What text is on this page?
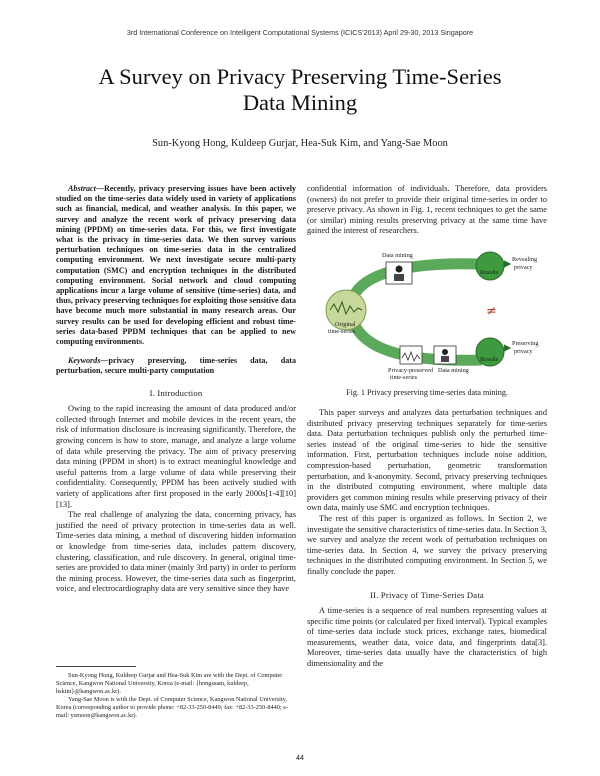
3rd International Conference on Intelligent Computational Systems (ICICS'2013) April 29-30, 2013 Singapore
A Survey on Privacy Preserving Time-Series
Data Mining
Sun-Kyong Hong, Kuldeep Gurjar, Hea-Suk Kim, and Yang-Sae Moon

Abstract—Recently, privacy preserving issues have been actively studied on the time-series data widely used in variety of applications such as financial, medical, and weather analysis. In this paper, we survey and analyze the recent work of privacy preserving data mining (PPDM) on time-series data. For this, we first investigate what is the privacy in time-series data. We then survey various perturbation techniques on time-series data in the centralized computing environment. We next investigate secure multi-party computation (SMC) and encryption techniques in the distributed computing environment. Social network and cloud computing applications incur a large volume of sensitive (time-series) data, and thus, privacy preserving techniques for exploiting those sensitive data have become much more substantial in many research areas. Our survey results can be used for developing efficient and robust time-series data-based PPDM techniques that can be applied to new computing environments.

Keywords—privacy preserving, time-series data, data perturbation, secure multi-party computation

I. Introduction

Owing to the rapid increasing the amount of data produced and/or collected through Internet and mobile devices in the recent years, the risk of information disclosure is increasing significantly. Therefore, the growing concern is how to store, manage, and analyze a large volume of data while preserving the privacy. The aim of privacy preserving data mining (PPDM in short) is to extract meaningful knowledge and useful patterns from a large volume of data while preserving their confidentiality. Consequently, PPDM has been actively studied with variety of applications after first proposed in the early 2000s[1-4][10][13].

The real challenge of analyzing the data, concerning privacy, has justified the need of privacy protection in time-series data as well. Time-series data mining, a method of discovering hidden information or knowledge from time-series data, includes pattern discovery, clustering, classification, and rule discovery. In general, original time-series are provided to data miner (mainly 3rd party) in order to perform the mining process. However, the time-series data such as fingerprint, voice, and electrocardiography data are very sensitive since they have

Sun-Kyong Hong, Kuldeep Gurjar and Hea-Suk Kim are with the Dept. of Computer Science, Kangwon National University, Korea (e-mail: {hongssam, kuldeep, hskim}@kangwon.ac.kr).

Yang-Sae Moon is with the Dept. of Computer Science, Kangwon National University, Korea (corresponding author to provide phone: +82-33-250-8449; fax: +82-33-250-8440; e-mail: ysmoon@kangwon.ac.kr).

confidential information of individuals. Therefore, data providers (owners) do not prefer to provide their original time-series in order to preserve privacy. As shown in Fig. 1, recent techniques to get the same (or similar) mining results preserving privacy at the same time have gained the interest of researchers.

Original
time-series
Data mining
Results
≠
Results
Revealing
privacy
Preserving
privacy
Privacy-preserved
time-series
Data mining
Fig. 1 Privacy preserving time-series data mining.

This paper surveys and analyzes data perturbation techniques and distributed privacy preserving techniques separately for time-series data. Data perturbation techniques publish only the perturbed time-series instead of the original time-series to hide the sensitive information. First, perturbation techniques include noise addition, compression-based perturbation, geometric transformation perturbation, and k-anonymity. Second, privacy preserving techniques in the distributed computing environment, where multiple data providers get common mining results while preserving privacy of their own data, mainly use SMC and encryption techniques.

The rest of this paper is organized as follows. In Section 2, we investigate the sensitive characteristics of time-series data. In Section 3, we survey and analyze the recent work of perturbation techniques on time-series data. In Section 4, we survey the privacy preserving techniques in the distributed computing environment. In Section 5, we finally conclude the paper.

II. Privacy of Time-Series Data

A time-series is a sequence of real numbers representing values at specific time points (or calculated per fixed interval). Typical examples of time-series data include stock prices, exchange rates, biomedical measurements, weather data, voice data, and fingerprints data[3]. Moreover, time-series data usually have the characteristics of high dimensionality and the

44
